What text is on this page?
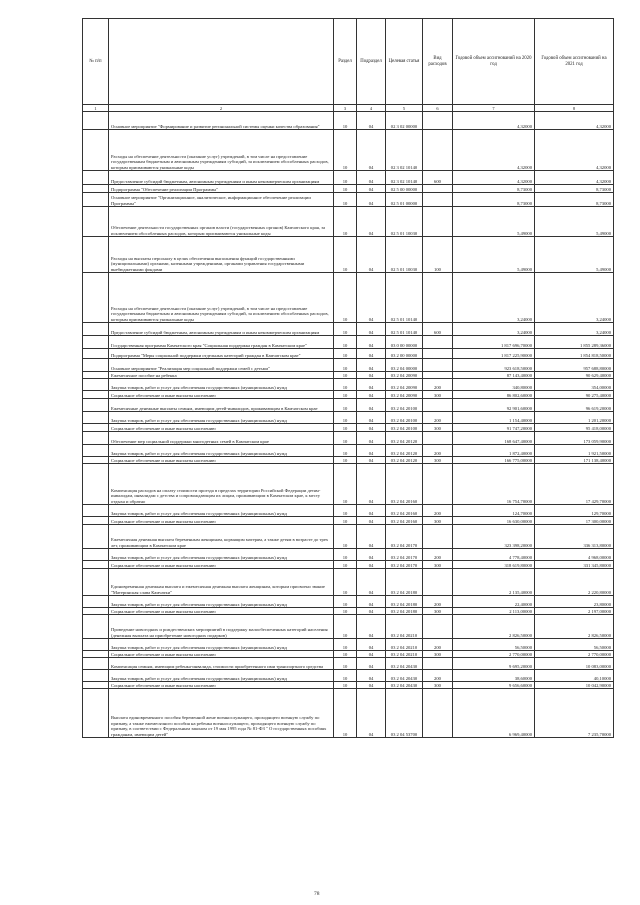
№ п/п		Раздел	Подраздел	Целевая статья	Вид расходов	Годовой объем ассигнований на 2020 год	Годовой объем ассигнований на 2021 год
1	2	3	4	5	6	7	8
	Основное мероприятие "Формирование и развитие регинональной системы оценки качества образования"	10	04	02 3 02 00000		4,32000	4,32000
	Расходы на обеспечение деятельности (оказание услуг) учреждений, в том числе на предоставление государственным бюджетным и автономным учреждениям субсидий, за исключением обособленных расходов, которым присваиваются уникальные коды	10	04	02 3 02 10140		4,32000	4,32000
	Предоставление субсидий бюджетным, автономным учреждениям и иным некоммерческим организациям	10	04	02 3 02 10140	600	4,32000	4,32000
	Подпрограмма "Обеспечение реализации Программы"	10	04	02 5 00 00000		8,73000	8,73000
	Основное мероприятие "Организационное, аналитическое, информационное обеспечение реализации Программы"	10	04	02 5 01 00000		8,73000	8,73000
	Обеспечение деятельности государственных органов власти (государственных органов) Камчатского края, за исключением обособленных расходов, которым присваиваются уникальные коды	10	04	02 5 01 10030		5,49000	5,49000
	Расходы на выплаты персоналу в целях обеспечения выполнения функций государственными (муниципальными) органами, казенными учреждениями, органами управления государственными внебюджетными фондами	10	04	02 5 01 10030	100	5,49000	5,49000
	Расходы на обеспечение деятельности (оказание услуг) учреждений, в том числе на предоставление государственным бюджетным и автономным учреждениям субсидий, за исключением обособленных расходов, которым присваиваются уникальные коды	10	04	02 5 01 10140		3,24000	3,24000
	Предоставление субсидий бюджетным, автономным учреждениям и иным некоммерческим организациям	10	04	02 5 01 10140	600	3,24000	3,24000
	Государственная программа Камчатского края "Социальная поддержка граждан в Камчатском крае"	10	04	03 0 00 00000		1 817 696,70000	1 855 289,36000
	Подпрограмма "Меры социальной поддержки отдельных категорий граждан в Камчатском крае"	10	04	03 2 00 00000		1 817 225,90000	1 854 818,50000
	Основное мероприятие "Реализация мер социальной поддержки семей с детьми"	10	04	03 2 04 00000		923 618,50000	957 688,80000
	Ежемесячное пособие на ребенка	10	04	03 2 04 20090		87 143,40000	90 629,40000
	Закупка товаров, работ и услуг для обеспечения государственных (муниципальных) нужд	10	04	03 2 04 20090	200	340,80000	354,00000
	Социальное обеспечение и иные выплаты населению	10	04	03 2 04 20090	300	86 802,60000	90 275,40000
	Ежемесячные денежные выплаты семьям, имеющим детей-инвалидов, проживающим в Камчатском крае	10	04	03 2 04 20100		92 901,60000	96 619,20000
	Закупка товаров, работ и услуг для обеспечения государственных (муниципальных) нужд	10	04	03 2 04 20100	200	1 154,40000	1 201,20000
	Социальное обеспечение и иные выплаты населению	10	04	03 2 04 20100	300	91 747,20000	95 418,00000
	Обеспечение мер социальной поддержки многодетных семей в Камчатском крае	10	04	03 2 04 20120		168 647,40000	173 059,90000
	Закупка товаров, работ и услуг для обеспечения государственных (муниципальных) нужд	10	04	03 2 04 20120	200	1 872,40000	1 921,50000
	Социальное обеспечение и иные выплаты населению	10	04	03 2 04 20120	300	166 775,00000	171 138,40000
	Компенсация расходов на оплату стоимости проезда в пределах территории Российской Федерации детям-инвалидам, инвалидам с детства и сопровождающим их лицам, проживающим в Камчатском крае, к месту отдыха и обратно	10	04	03 2 04 20160		16 754,70000	17 429,70000
	Закупка товаров, работ и услуг для обеспечения государственных (муниципальных) нужд	10	04	03 2 04 20160	200	124,70000	129,70000
	Социальное обеспечение и иные выплаты населению	10	04	03 2 04 20160	300	16 630,00000	17 300,00000
	Ежемесячная денежная выплата беременным женщинам, кормящим матерям, а также детям в возрасте до трех лет, проживающим в Камчатском крае	10	04	03 2 04 20170		323 398,20000	336 313,80000
	Закупка товаров, работ и услуг для обеспечения государственных (муниципальных) нужд	10	04	03 2 04 20170	200	4 778,40000	4 968,00000
	Социальное обеспечение и иные выплаты населению	10	04	03 2 04 20170	300	318 619,80000	331 345,80000
	Единовременная денежная выплата и ежемесячная денежная выплата женщинам, которым присвоено звание "Материнская слава Камчатки"	10	04	03 2 04 20180		2 135,40000	2 220,80000
	Закупка товаров, работ и услуг для обеспечения государственных (муниципальных) нужд	10	04	03 2 04 20180	200	22,40000	23,80000
	Социальное обеспечение и иные выплаты населению	10	04	03 2 04 20180	300	2 113,00000	2 197,00000
	Проведение новогодних и рождественских мероприятий в поддержку малообеспеченных категорий населения (денежная выплата на приобретение новогодних подарков)	10	04	03 2 04 20210		2 826,50000	2 826,50000
	Закупка товаров, работ и услуг для обеспечения государственных (муниципальных) нужд	10	04	03 2 04 20210	200	56,50000	56,50000
	Социальное обеспечение и иные выплаты населению	10	04	03 2 04 20210	300	2 770,00000	2 770,00000
	Компенсация семьям, имеющим ребенка-инвалида, стоимости приобретенного ими транспортного средства	10	04	03 2 04 20430		9 695,20000	10 083,00000
	Закупка товаров, работ и услуг для обеспечения государственных (муниципальных) нужд	10	04	03 2 04 20430	200	38,60000	40,10000
	Социальное обеспечение и иные выплаты населению	10	04	03 2 04 20430	300	9 656,60000	10 042,90000
	Выплата единовременного пособия беременной жене военнослужащего, проходящего военную службу по призыву, а также ежемесячного пособия на ребенка военнослужащего, проходящего военную службу по призыву, в соответствии с Федеральным законом от 19 мая 1995 года № 81-ФЗ " О государственных пособиях гражданам, имеющим детей"	10	04	03 2 04 53700		6 969,40000	7 235,70000
78
